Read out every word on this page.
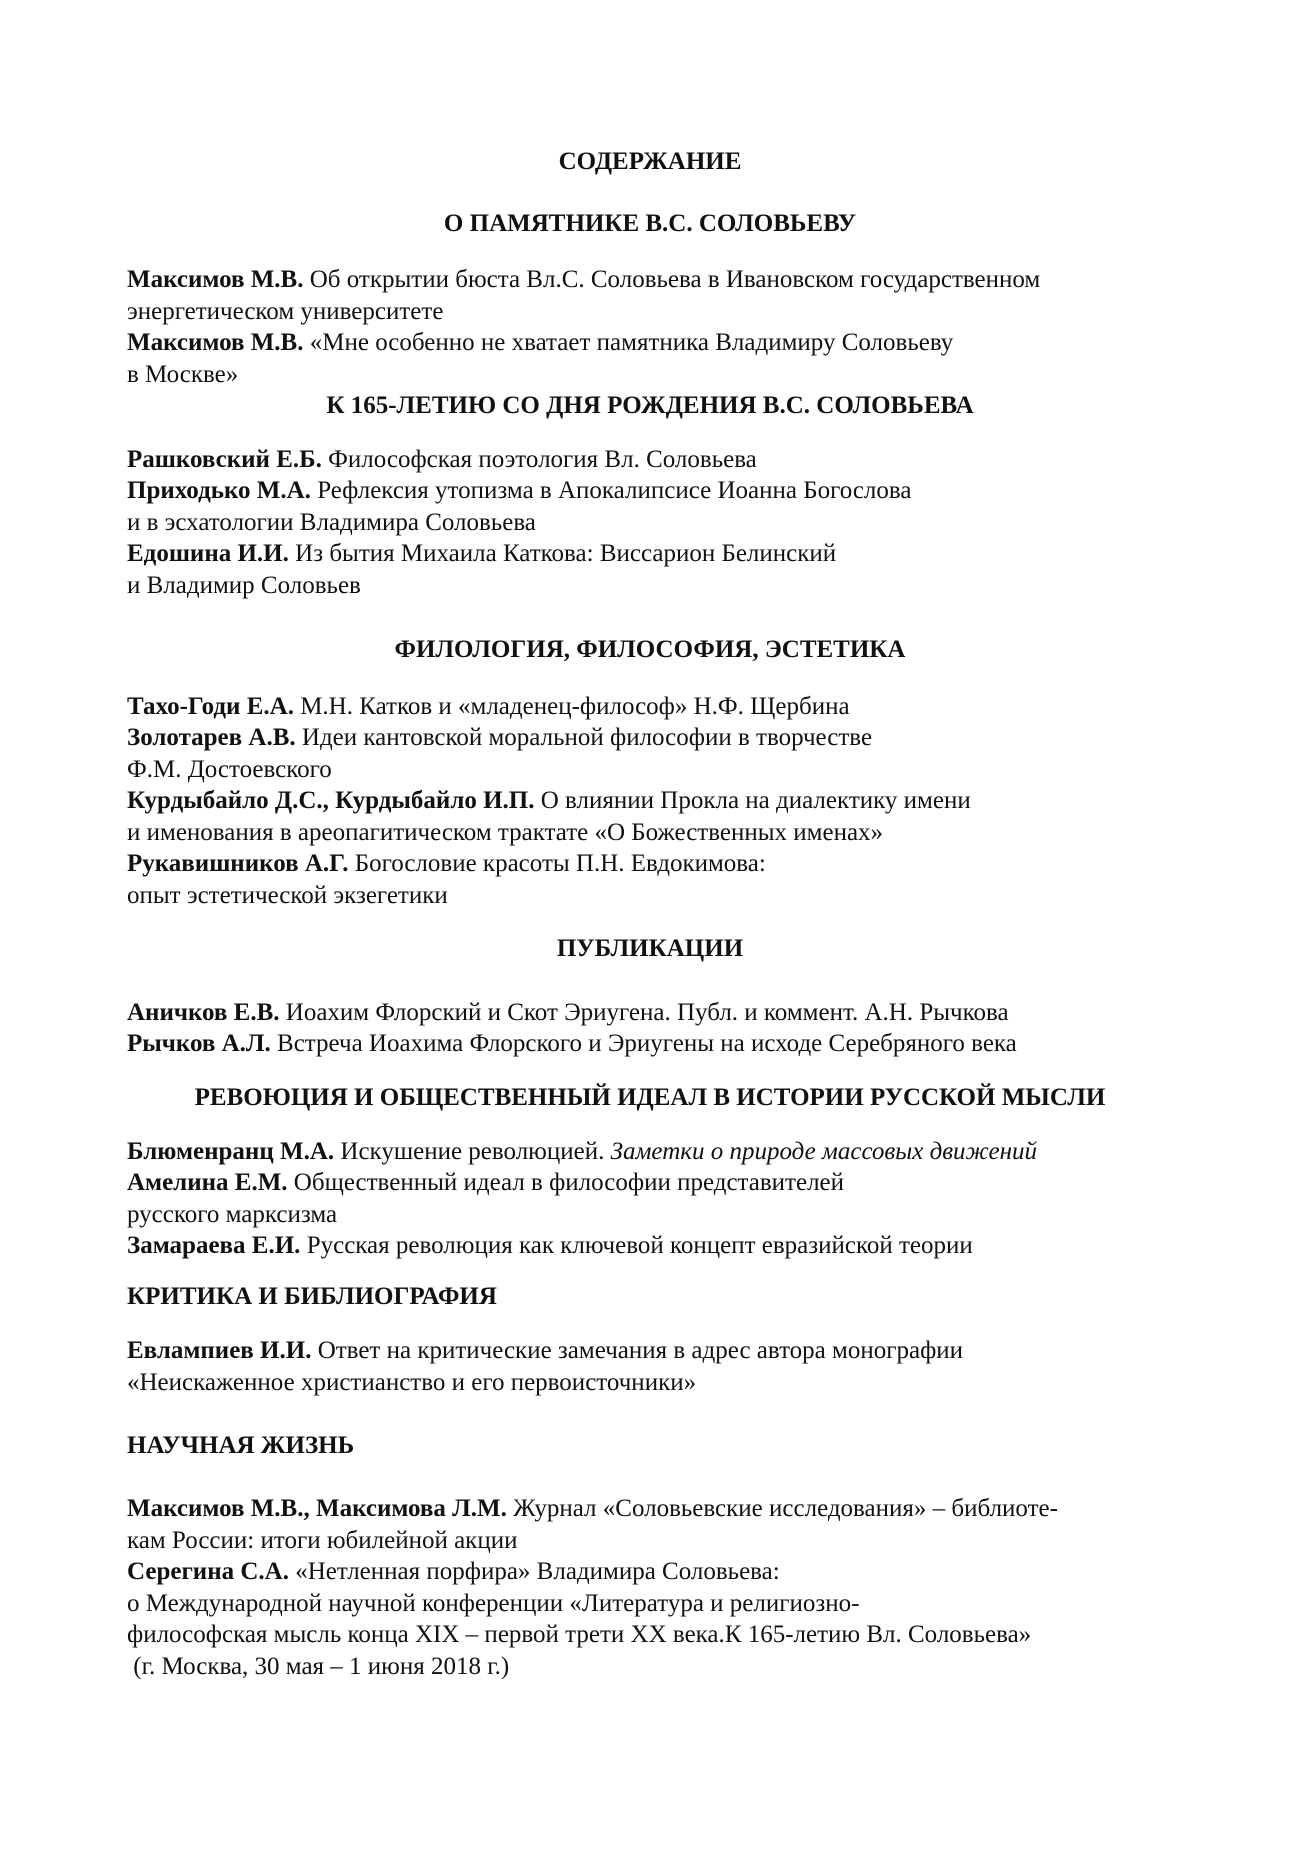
СОДЕРЖАНИЕ
О ПАМЯТНИКЕ В.С. СОЛОВЬЕВУ
Максимов М.В. Об открытии бюста Вл.С. Соловьева в Ивановском государственном
энергетическом университете
Максимов М.В. «Мне особенно не хватает памятника Владимиру Соловьеву
в Москве»
К 165-ЛЕТИЮ СО ДНЯ РОЖДЕНИЯ В.С. СОЛОВЬЕВА
Рашковский Е.Б. Философская поэтология Вл. Соловьева
Приходько М.А. Рефлексия утопизма в Апокалипсисе Иоанна Богослова
и в эсхатологии Владимира Соловьева
Едошина И.И. Из бытия Михаила Каткова: Виссарион Белинский
и Владимир Соловьев
ФИЛОЛОГИЯ, ФИЛОСОФИЯ, ЭСТЕТИКА
Тахо-Годи Е.А. М.Н. Катков и «младенец-философ» Н.Ф. Щербина
Золотарев А.В. Идеи кантовской моральной философии в творчестве
Ф.М. Достоевского
Курдыбайло Д.С., Курдыбайло И.П. О влиянии Прокла на диалектику имени
и именования в ареопагитическом трактате «О Божественных именах»
Рукавишников А.Г. Богословие красоты П.Н. Евдокимова:
опыт эстетической экзегетики
ПУБЛИКАЦИИ
Аничков Е.В. Иоахим Флорский и Скот Эриугена. Публ. и коммент. А.Н. Рычкова
Рычков А.Л. Встреча Иоахима Флорского и Эриугены на исходе Серебряного века
РЕВОЮЦИЯ И ОБЩЕСТВЕННЫЙ ИДЕАЛ В ИСТОРИИ РУССКОЙ МЫСЛИ
Блюменранц М.А. Искушение революцией. Заметки о природе массовых движений
Амелина Е.М. Общественный идеал в философии представителей
русского марксизма
Замараева Е.И. Русская революция как ключевой концепт евразийской теории
КРИТИКА И БИБЛИОГРАФИЯ
Евлампиев И.И. Ответ на критические замечания в адрес автора монографии
«Неискаженное христианство и его первоисточники»
НАУЧНАЯ ЖИЗНЬ
Максимов М.В., Максимова Л.М. Журнал «Соловьевские исследования» – библиоте-
кам России: итоги юбилейной акции
Серегина С.А. «Нетленная порфира» Владимира Соловьева:
о Международной научной конференции «Литература и религиозно-
философская мысль конца XIX – первой трети XX века.К 165-летию Вл. Соловьева»
(г. Москва, 30 мая – 1 июня 2018 г.)
